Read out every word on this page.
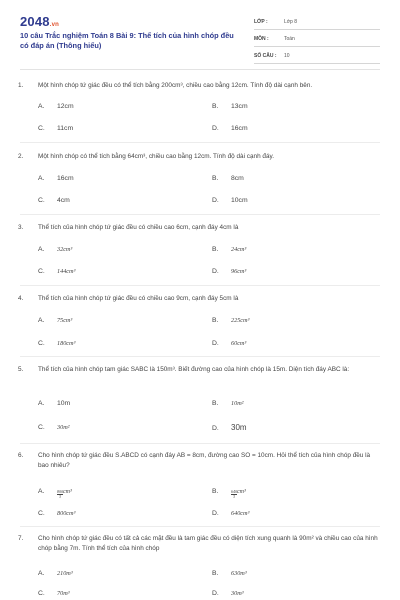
2048.vn
10 câu Trắc nghiệm Toán 8 Bài 9: Thể tích của hình chóp đều có đáp án (Thông hiểu)
LỚP :	Lớp 8
MÔN :	Toán
SỐ CÂU :	10
1.	Một hình chóp tứ giác đều có thể tích bằng 200cm³, chiều cao bằng 12cm. Tính độ dài cạnh bên.
A.	12cm	B.	13cm
C.	11cm	D.	16cm
2.	Một hình chóp có thể tích bằng 64cm³, chiều cao bằng 12cm. Tính độ dài cạnh đáy.
A.	16cm	B.	8cm
C.	4cm	D.	10cm
3.	Thể tích của hình chóp tứ giác đều có chiều cao 6cm, cạnh đáy 4cm là
A.	32cm³	B.	24cm³
C.	144cm³	D.	96cm³
4.	Thể tích của hình chóp tứ giác đều có chiều cao 9cm, cạnh đáy 5cm là
A.	75cm³	B.	225cm³
C.	180cm³	D.	60cm³
5.	Thể tích của hình chóp tam giác SABC là 150m³. Biết đường cao của hình chóp là 15m. Diện tích đáy ABC là:
A.	10m	B.	10m²
C.	30m²	D.	30m
6.	Cho hình chóp tứ giác đều S.ABCD có cạnh đáy AB = 8cm, đường cao SO = 10cm. Hỏi thể tích của hình chóp đều là bao nhiêu?
A.	$\frac{800}{3} cm^3$	B.	$\frac{640}{3} cm^3$
C.	800cm³	D.	640cm³
7.	Cho hình chóp tứ giác đều có tất cả các mặt đều là tam giác đều có diện tích xung quanh là 90m² và chiều cao của hình chóp bằng 7m. Tính thể tích của hình chóp
A.	210m³	B.	630m³
C.	70m³	D.	30m³
